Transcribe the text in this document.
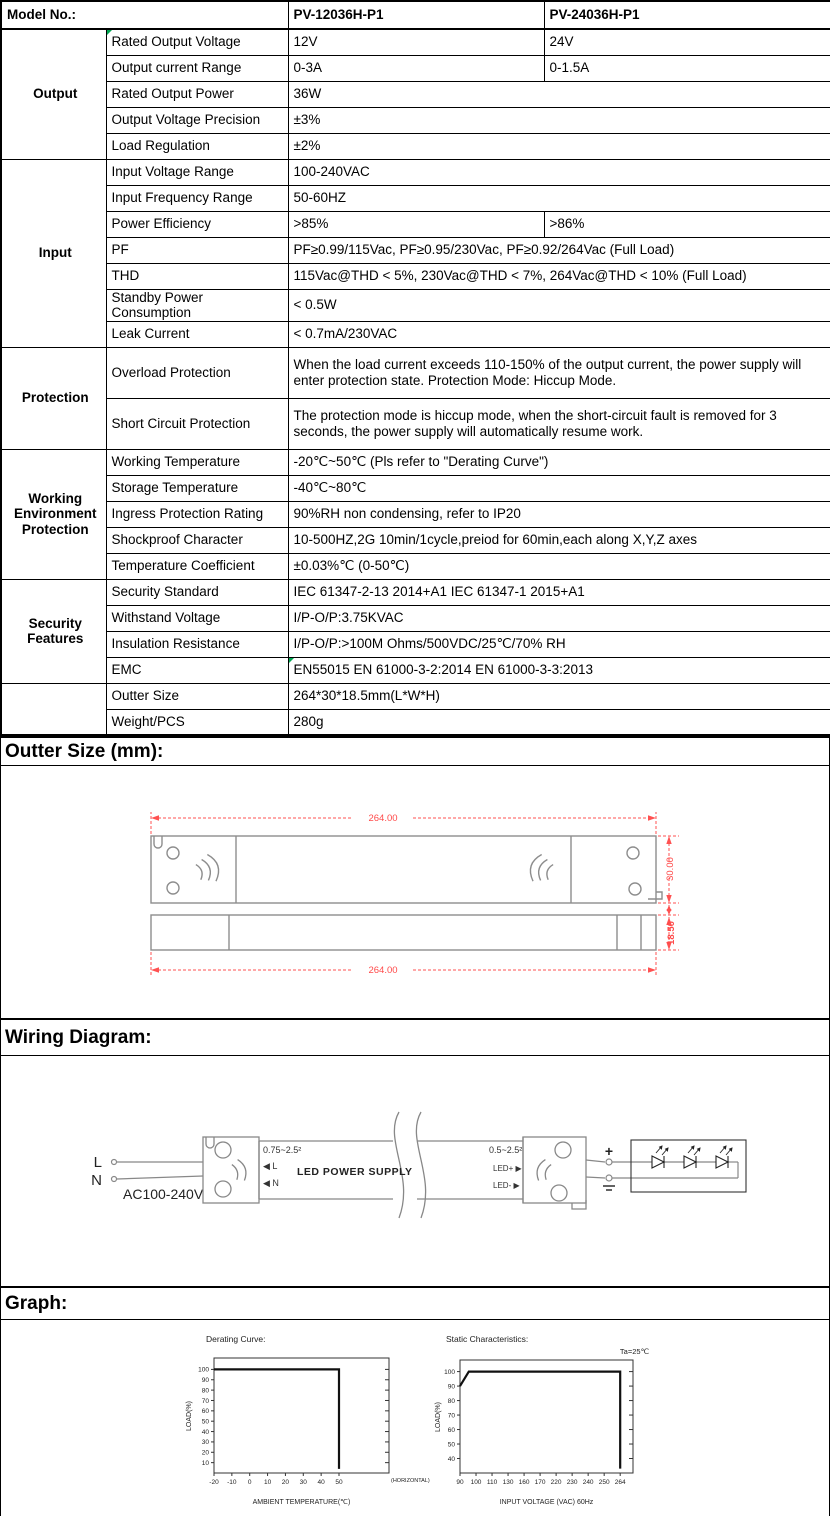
Model No.:		PV-12036H-P1	PV-24036H-P1
Output	Rated Output Voltage	12V	24V
	Output current Range	0-3A	0-1.5A
	Rated Output Power	36W	
	Output Voltage Precision	±3%	
	Load Regulation	±2%	
Input	Input Voltage Range	100-240VAC	
	Input Frequency Range	50-60HZ	
	Power Efficiency	>85%	>86%
	PF	PF≥0.99/115Vac, PF≥0.95/230Vac, PF≥0.92/264Vac (Full Load)	
	THD	115Vac@THD < 5%, 230Vac@THD < 7%, 264Vac@THD < 10% (Full Load)	
	Standby Power Consumption	< 0.5W	
	Leak Current	< 0.7mA/230VAC	
Protection	Overload Protection	When the load current exceeds 110-150% of the output current, the power supply will enter protection state. Protection Mode: Hiccup Mode.	
	Short Circuit Protection	The protection mode is hiccup mode, when the short-circuit fault is removed for 3 seconds, the power supply will automatically resume work.	
Working Environment Protection	Working Temperature	-20℃~50℃ (Pls refer to "Derating Curve")	
	Storage Temperature	-40℃~80℃	
	Ingress Protection Rating	90%RH non condensing, refer to IP20	
	Shockproof Character	10-500HZ,2G 10min/1cycle,preiod for 60min,each along X,Y,Z axes	
	Temperature Coefficient	±0.03%℃ (0-50℃)	
Security Features	Security Standard	IEC 61347-2-13 2014+A1 IEC 61347-1 2015+A1	
	Withstand Voltage	I/P-O/P:3.75KVAC	
	Insulation Resistance	I/P-O/P:>100M Ohms/500VDC/25℃/70% RH	
	EMC	EN55015 EN 61000-3-2:2014 EN 61000-3-3:2013	
	Outter Size	264*30*18.5mm(L*W*H)	
	Weight/PCS	280g	
Outter Size (mm):
264.00
264.00
30.00
18.50
Wiring Diagram:
L
N
AC100-240V
0.75~2.5²
◀ L
◀ N
LED POWER SUPPLY
0.5~2.5²
LED+ ▶
LED- ▶
+
Graph:
10
20
30
40
50
60
70
80
90
100
-20 -10 0 10 20 30 40 50
Derating Curve:
AMBIENT TEMPERATURE(℃)
LOAD(%)
(HORIZONTAL)
40
50
60
70
80
90
100
90 100 110 130 160 170 220 230 240 250 264
Static Characteristics:
Ta=25℃
INPUT VOLTAGE (VAC) 60Hz
LOAD(%)
